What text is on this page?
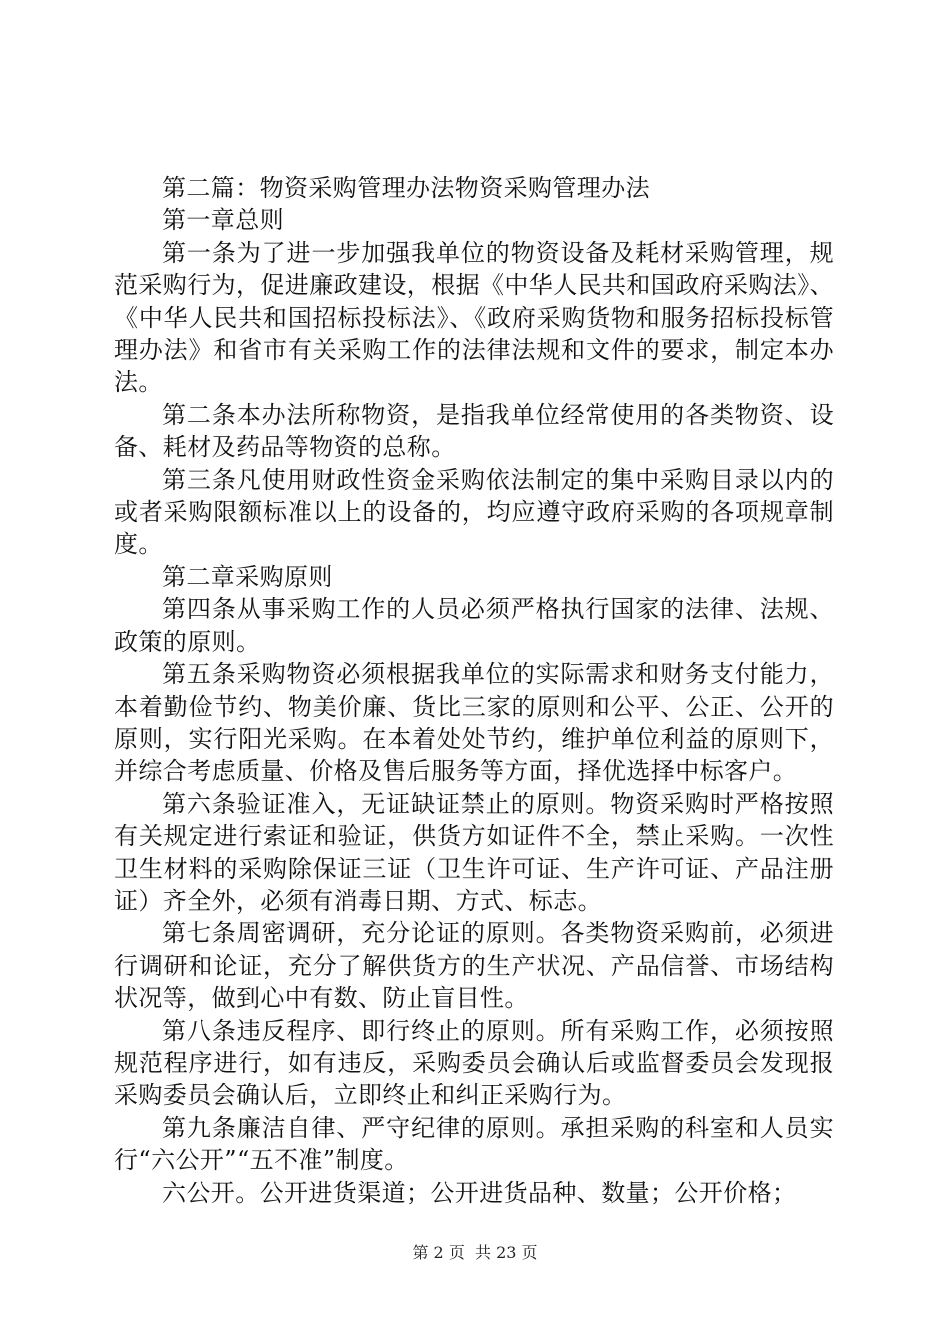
第二篇：物资采购管理办法物资采购管理办法

第一章总则

第一条为了进一步加强我单位的物资设备及耗材采购管理，规范采购行为，促进廉政建设，根据《中华人民共和国政府采购法》、《中华人民共和国招标投标法》、《政府采购货物和服务招标投标管理办法》和省市有关采购工作的法律法规和文件的要求，制定本办法。

第二条本办法所称物资，是指我单位经常使用的各类物资、设备、耗材及药品等物资的总称。

第三条凡使用财政性资金采购依法制定的集中采购目录以内的或者采购限额标准以上的设备的，均应遵守政府采购的各项规章制度。

第二章采购原则

第四条从事采购工作的人员必须严格执行国家的法律、法规、政策的原则。

第五条采购物资必须根据我单位的实际需求和财务支付能力，本着勤俭节约、物美价廉、货比三家的原则和公平、公正、公开的原则，实行阳光采购。在本着处处节约，维护单位利益的原则下，并综合考虑质量、价格及售后服务等方面，择优选择中标客户。

第六条验证准入，无证缺证禁止的原则。物资采购时严格按照有关规定进行索证和验证，供货方如证件不全，禁止采购。一次性卫生材料的采购除保证三证（卫生许可证、生产许可证、产品注册证）齐全外，必须有消毒日期、方式、标志。

第七条周密调研，充分论证的原则。各类物资采购前，必须进行调研和论证，充分了解供货方的生产状况、产品信誉、市场结构状况等，做到心中有数、防止盲目性。

第八条违反程序、即行终止的原则。所有采购工作，必须按照规范程序进行，如有违反，采购委员会确认后或监督委员会发现报采购委员会确认后，立即终止和纠正采购行为。

第九条廉洁自律、严守纪律的原则。承担采购的科室和人员实行“六公开”“五不准”制度。

六公开。公开进货渠道；公开进货品种、数量；公开价格；

第 2 页  共 23 页
